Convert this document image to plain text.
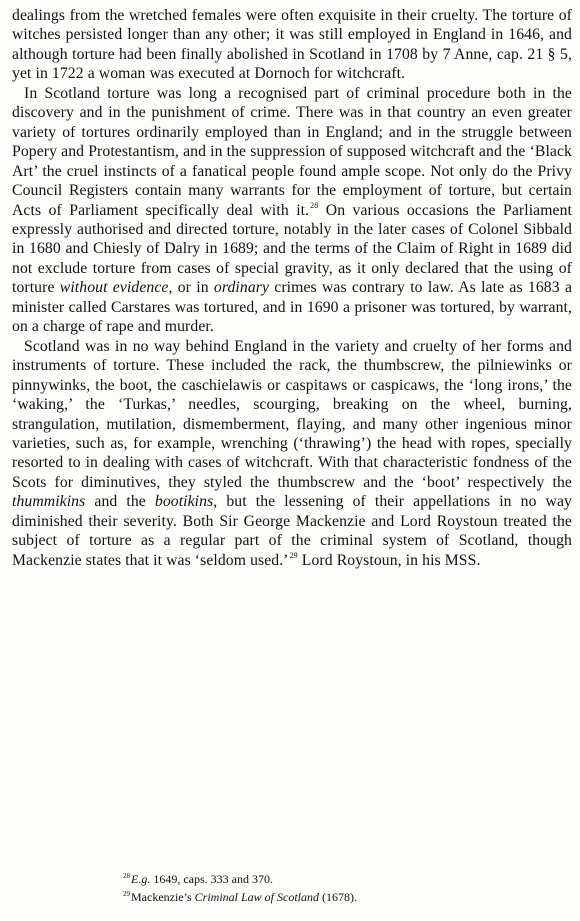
dealings from the wretched females were often exquisite in their cruelty. The torture of witches persisted longer than any other; it was still employed in England in 1646, and although torture had been finally abolished in Scotland in 1708 by 7 Anne, cap. 21 § 5, yet in 1722 a woman was executed at Dornoch for witchcraft.

In Scotland torture was long a recognised part of criminal procedure both in the discovery and in the punishment of crime. There was in that country an even greater variety of tortures ordinarily employed than in England; and in the struggle between Popery and Protestantism, and in the suppression of supposed witchcraft and the ‘Black Art’ the cruel instincts of a fanatical people found ample scope. Not only do the Privy Council Registers contain many warrants for the employment of torture, but certain Acts of Parliament specifically deal with it.$^{28}$ On various occasions the Parliament expressly authorised and directed torture, notably in the later cases of Colonel Sibbald in 1680 and Chiesly of Dalry in 1689; and the terms of the Claim of Right in 1689 did not exclude torture from cases of special gravity, as it only declared that the using of torture without evidence, or in ordinary crimes was contrary to law. As late as 1683 a minister called Carstares was tortured, and in 1690 a prisoner was tortured, by warrant, on a charge of rape and murder.

Scotland was in no way behind England in the variety and cruelty of her forms and instruments of torture. These included the rack, the thumbscrew, the pilniewinks or pinnywinks, the boot, the caschielawis or caspitaws or caspicaws, the ‘long irons,’ the ‘waking,’ the ‘Turkas,’ needles, scourging, breaking on the wheel, burning, strangulation, mutilation, dismemberment, flaying, and many other ingenious minor varieties, such as, for example, wrenching (‘thrawing’) the head with ropes, specially resorted to in dealing with cases of witchcraft. With that characteristic fondness of the Scots for diminutives, they styled the thumbscrew and the ‘boot’ respectively the thummikins and the bootikins, but the lessening of their appellations in no way diminished their severity. Both Sir George Mackenzie and Lord Roystoun treated the subject of torture as a regular part of the criminal system of Scotland, though Mackenzie states that it was ‘seldom used.’$^{29}$ Lord Roystoun, in his MSS.

$^{28}$E.g. 1649, caps. 333 and 370.

$^{29}$Mackenzie’s Criminal Law of Scotland (1678).
